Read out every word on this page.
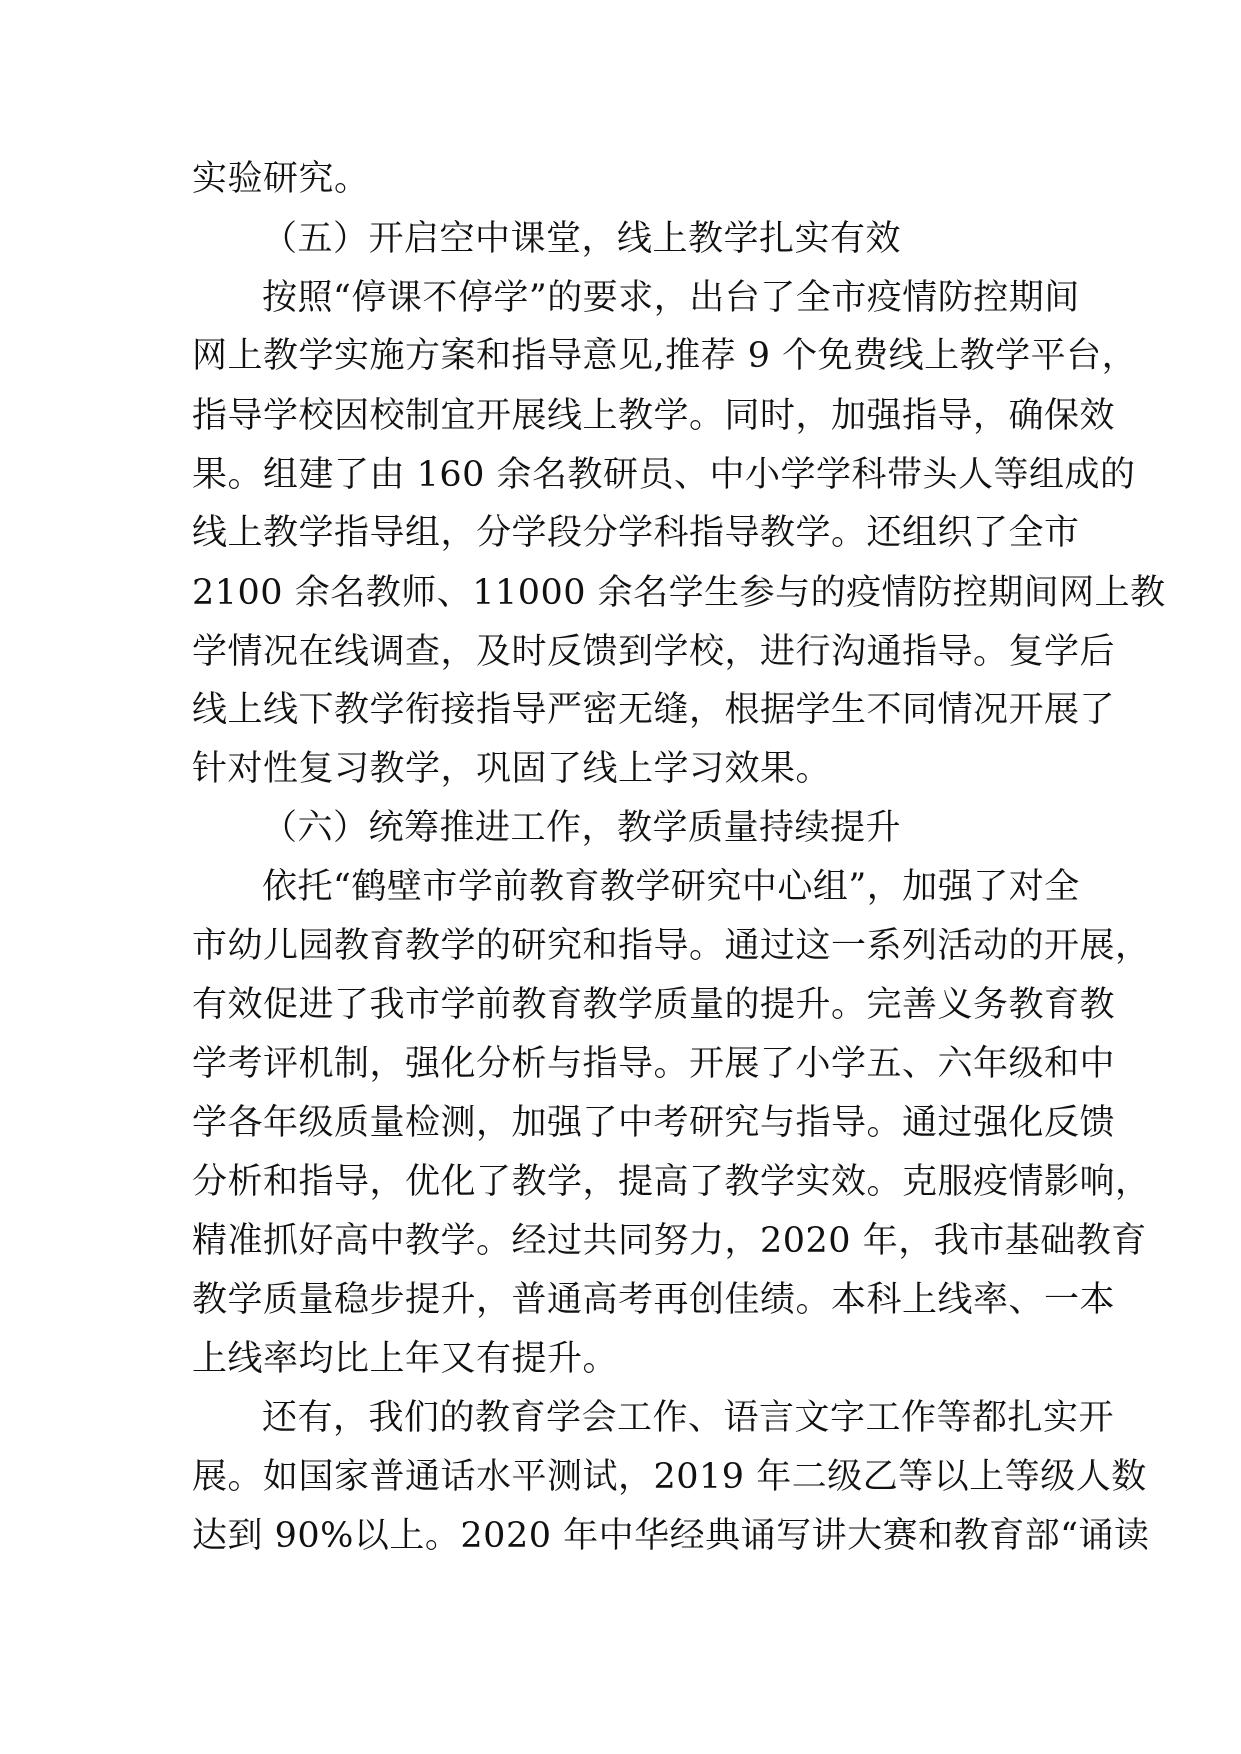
实验研究。
（五）开启空中课堂，线上教学扎实有效
按照“停课不停学”的要求，出台了全市疫情防控期间
网上教学实施方案和指导意见,推荐 9 个免费线上教学平台，
指导学校因校制宜开展线上教学。同时，加强指导，确保效
果。组建了由 160 余名教研员、中小学学科带头人等组成的
线上教学指导组，分学段分学科指导教学。还组织了全市
2100 余名教师、11000 余名学生参与的疫情防控期间网上教
学情况在线调查，及时反馈到学校，进行沟通指导。复学后
线上线下教学衔接指导严密无缝，根据学生不同情况开展了
针对性复习教学，巩固了线上学习效果。
（六）统筹推进工作，教学质量持续提升
依托“鹤壁市学前教育教学研究中心组”，加强了对全
市幼儿园教育教学的研究和指导。通过这一系列活动的开展，
有效促进了我市学前教育教学质量的提升。完善义务教育教
学考评机制，强化分析与指导。开展了小学五、六年级和中
学各年级质量检测，加强了中考研究与指导。通过强化反馈
分析和指导，优化了教学，提高了教学实效。克服疫情影响，
精准抓好高中教学。经过共同努力，2020 年，我市基础教育
教学质量稳步提升，普通高考再创佳绩。本科上线率、一本
上线率均比上年又有提升。
还有，我们的教育学会工作、语言文字工作等都扎实开
展。如国家普通话水平测试，2019 年二级乙等以上等级人数
达到 90%以上。2020 年中华经典诵写讲大赛和教育部“诵读
